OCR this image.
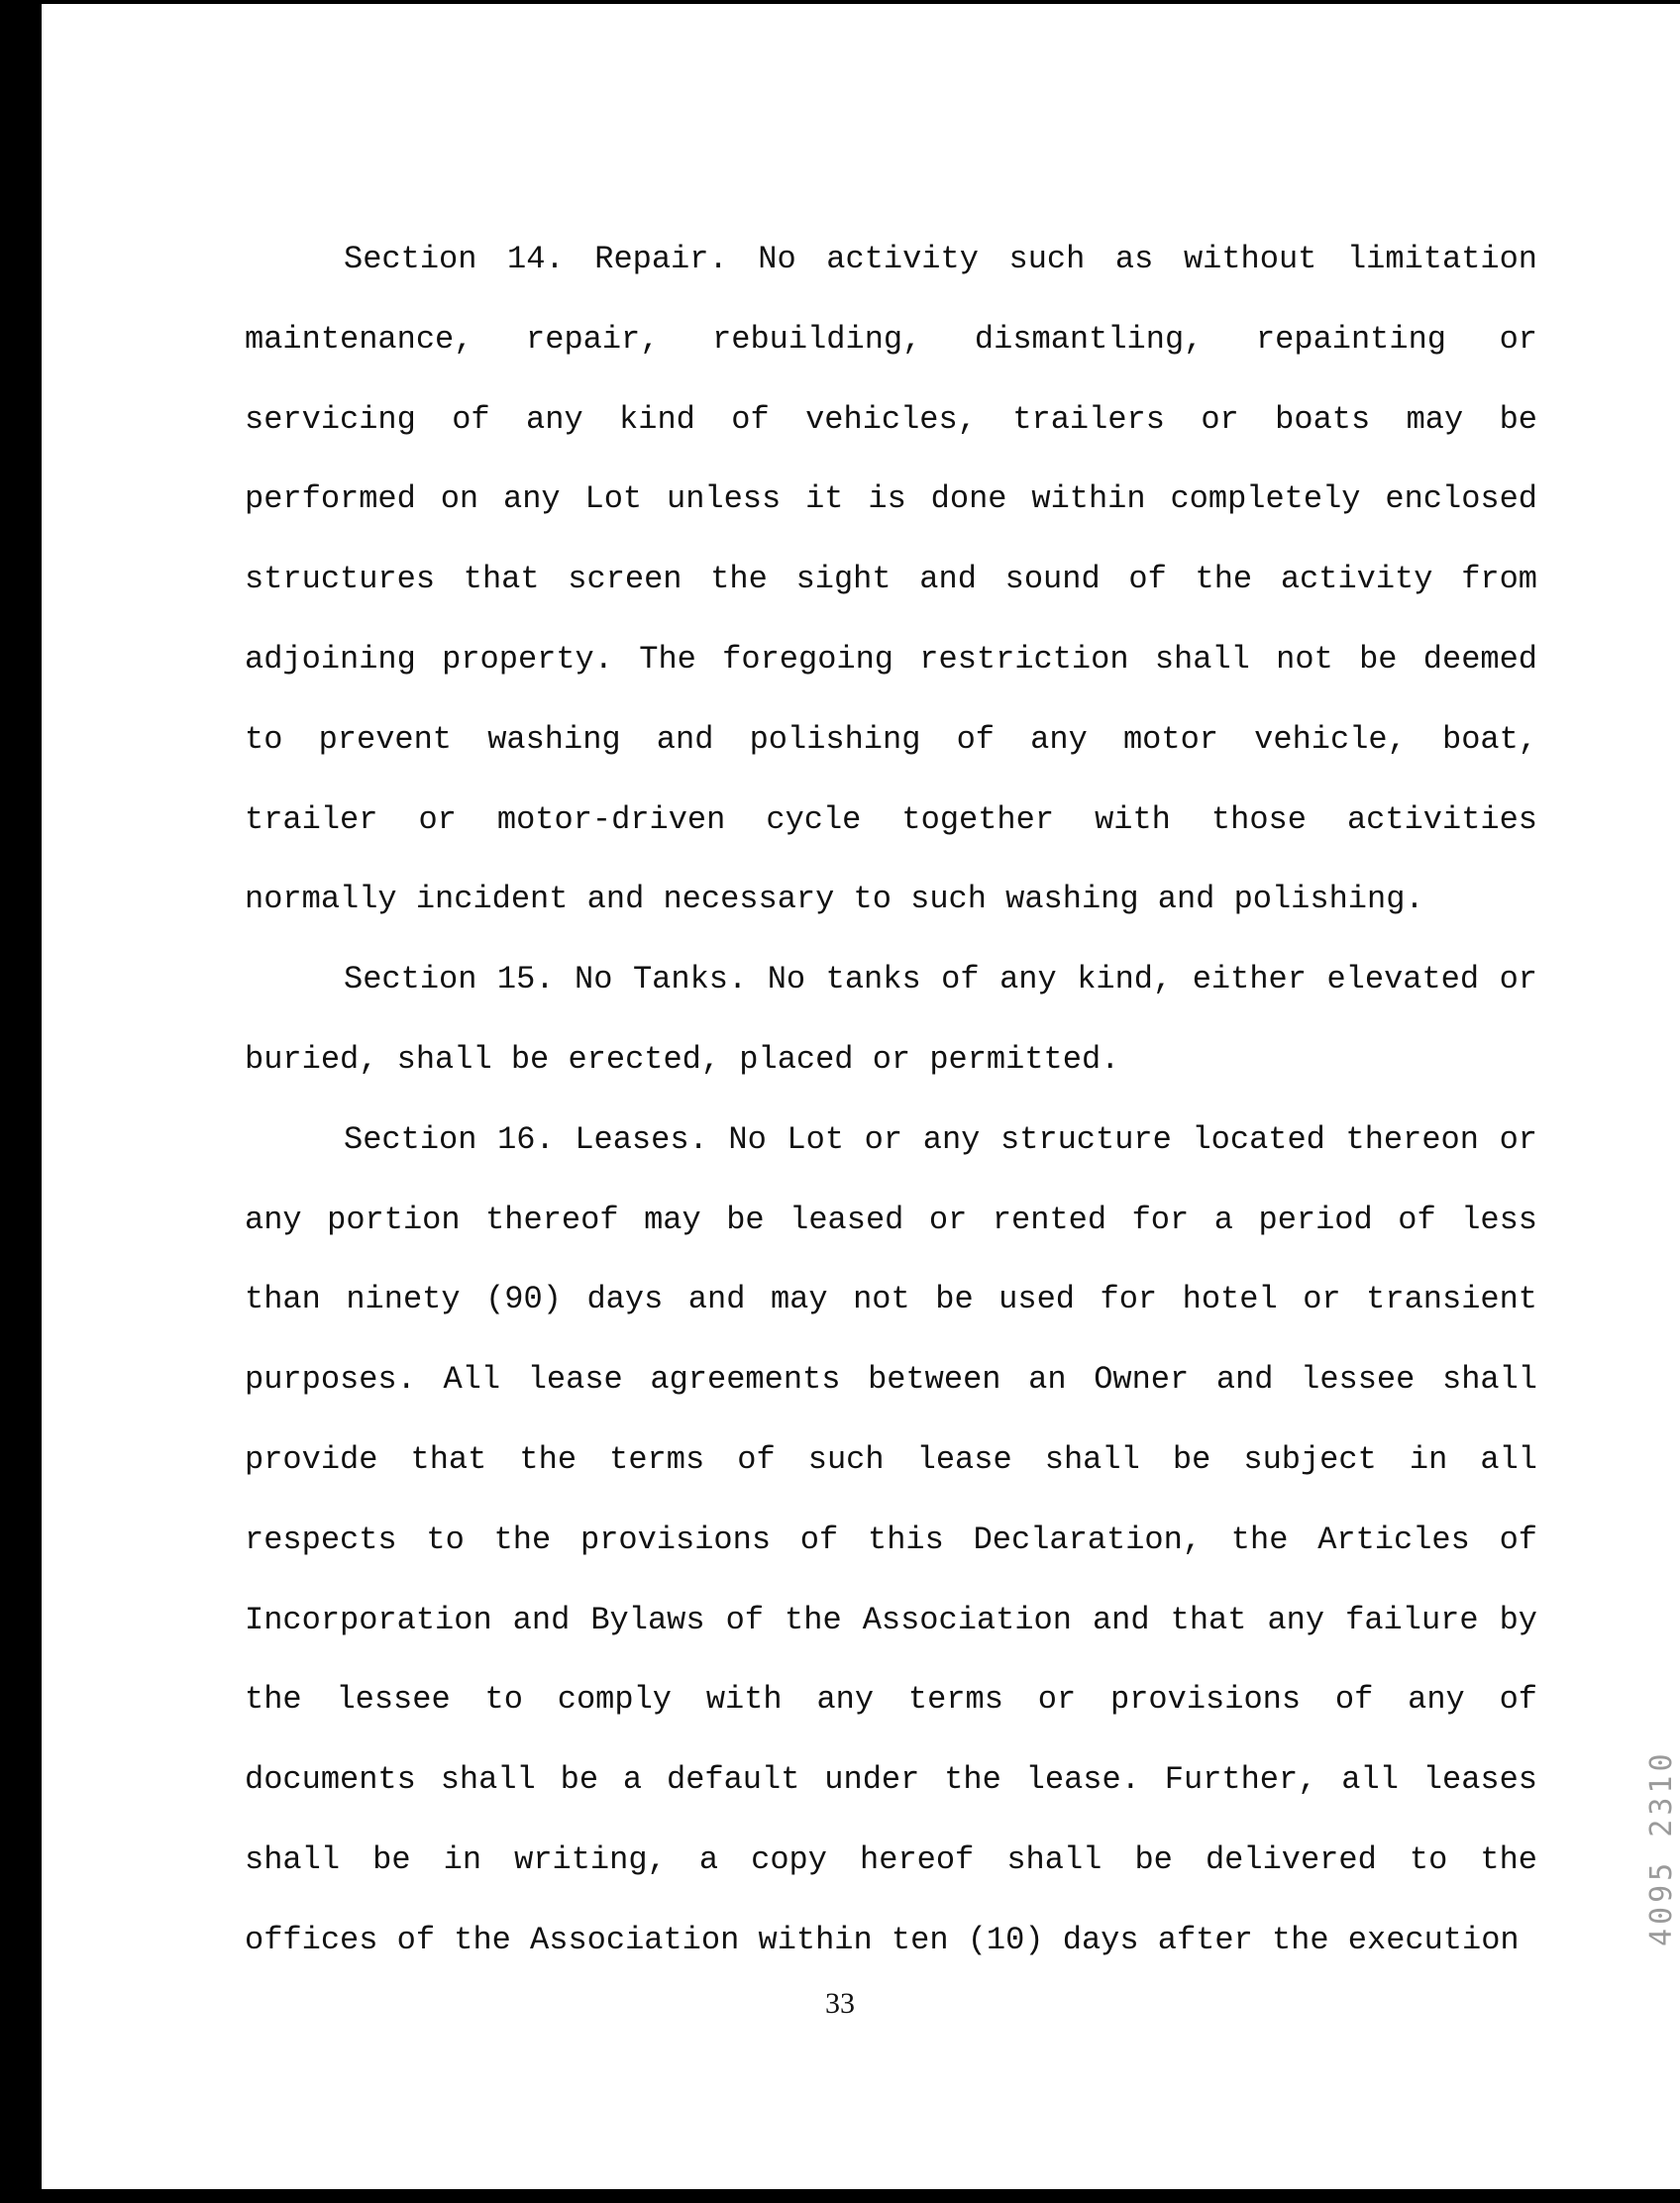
Section 14. Repair. No activity such as without limitation maintenance, repair, rebuilding, dismantling, repainting or servicing of any kind of vehicles, trailers or boats may be performed on any Lot unless it is done within completely enclosed structures that screen the sight and sound of the activity from adjoining property. The foregoing restriction shall not be deemed to prevent washing and polishing of any motor vehicle, boat, trailer or motor-driven cycle together with those activities normally incident and necessary to such washing and polishing.

Section 15. No Tanks. No tanks of any kind, either elevated or buried, shall be erected, placed or permitted.

Section 16. Leases. No Lot or any structure located thereon or any portion thereof may be leased or rented for a period of less than ninety (90) days and may not be used for hotel or transient purposes. All lease agreements between an Owner and lessee shall provide that the terms of such lease shall be subject in all respects to the provisions of this Declaration, the Articles of Incorporation and Bylaws of the Association and that any failure by the lessee to comply with any terms or provisions of any of documents shall be a default under the lease. Further, all leases shall be in writing, a copy hereof shall be delivered to the offices of the Association within ten (10) days after the execution

33
4095 2310
